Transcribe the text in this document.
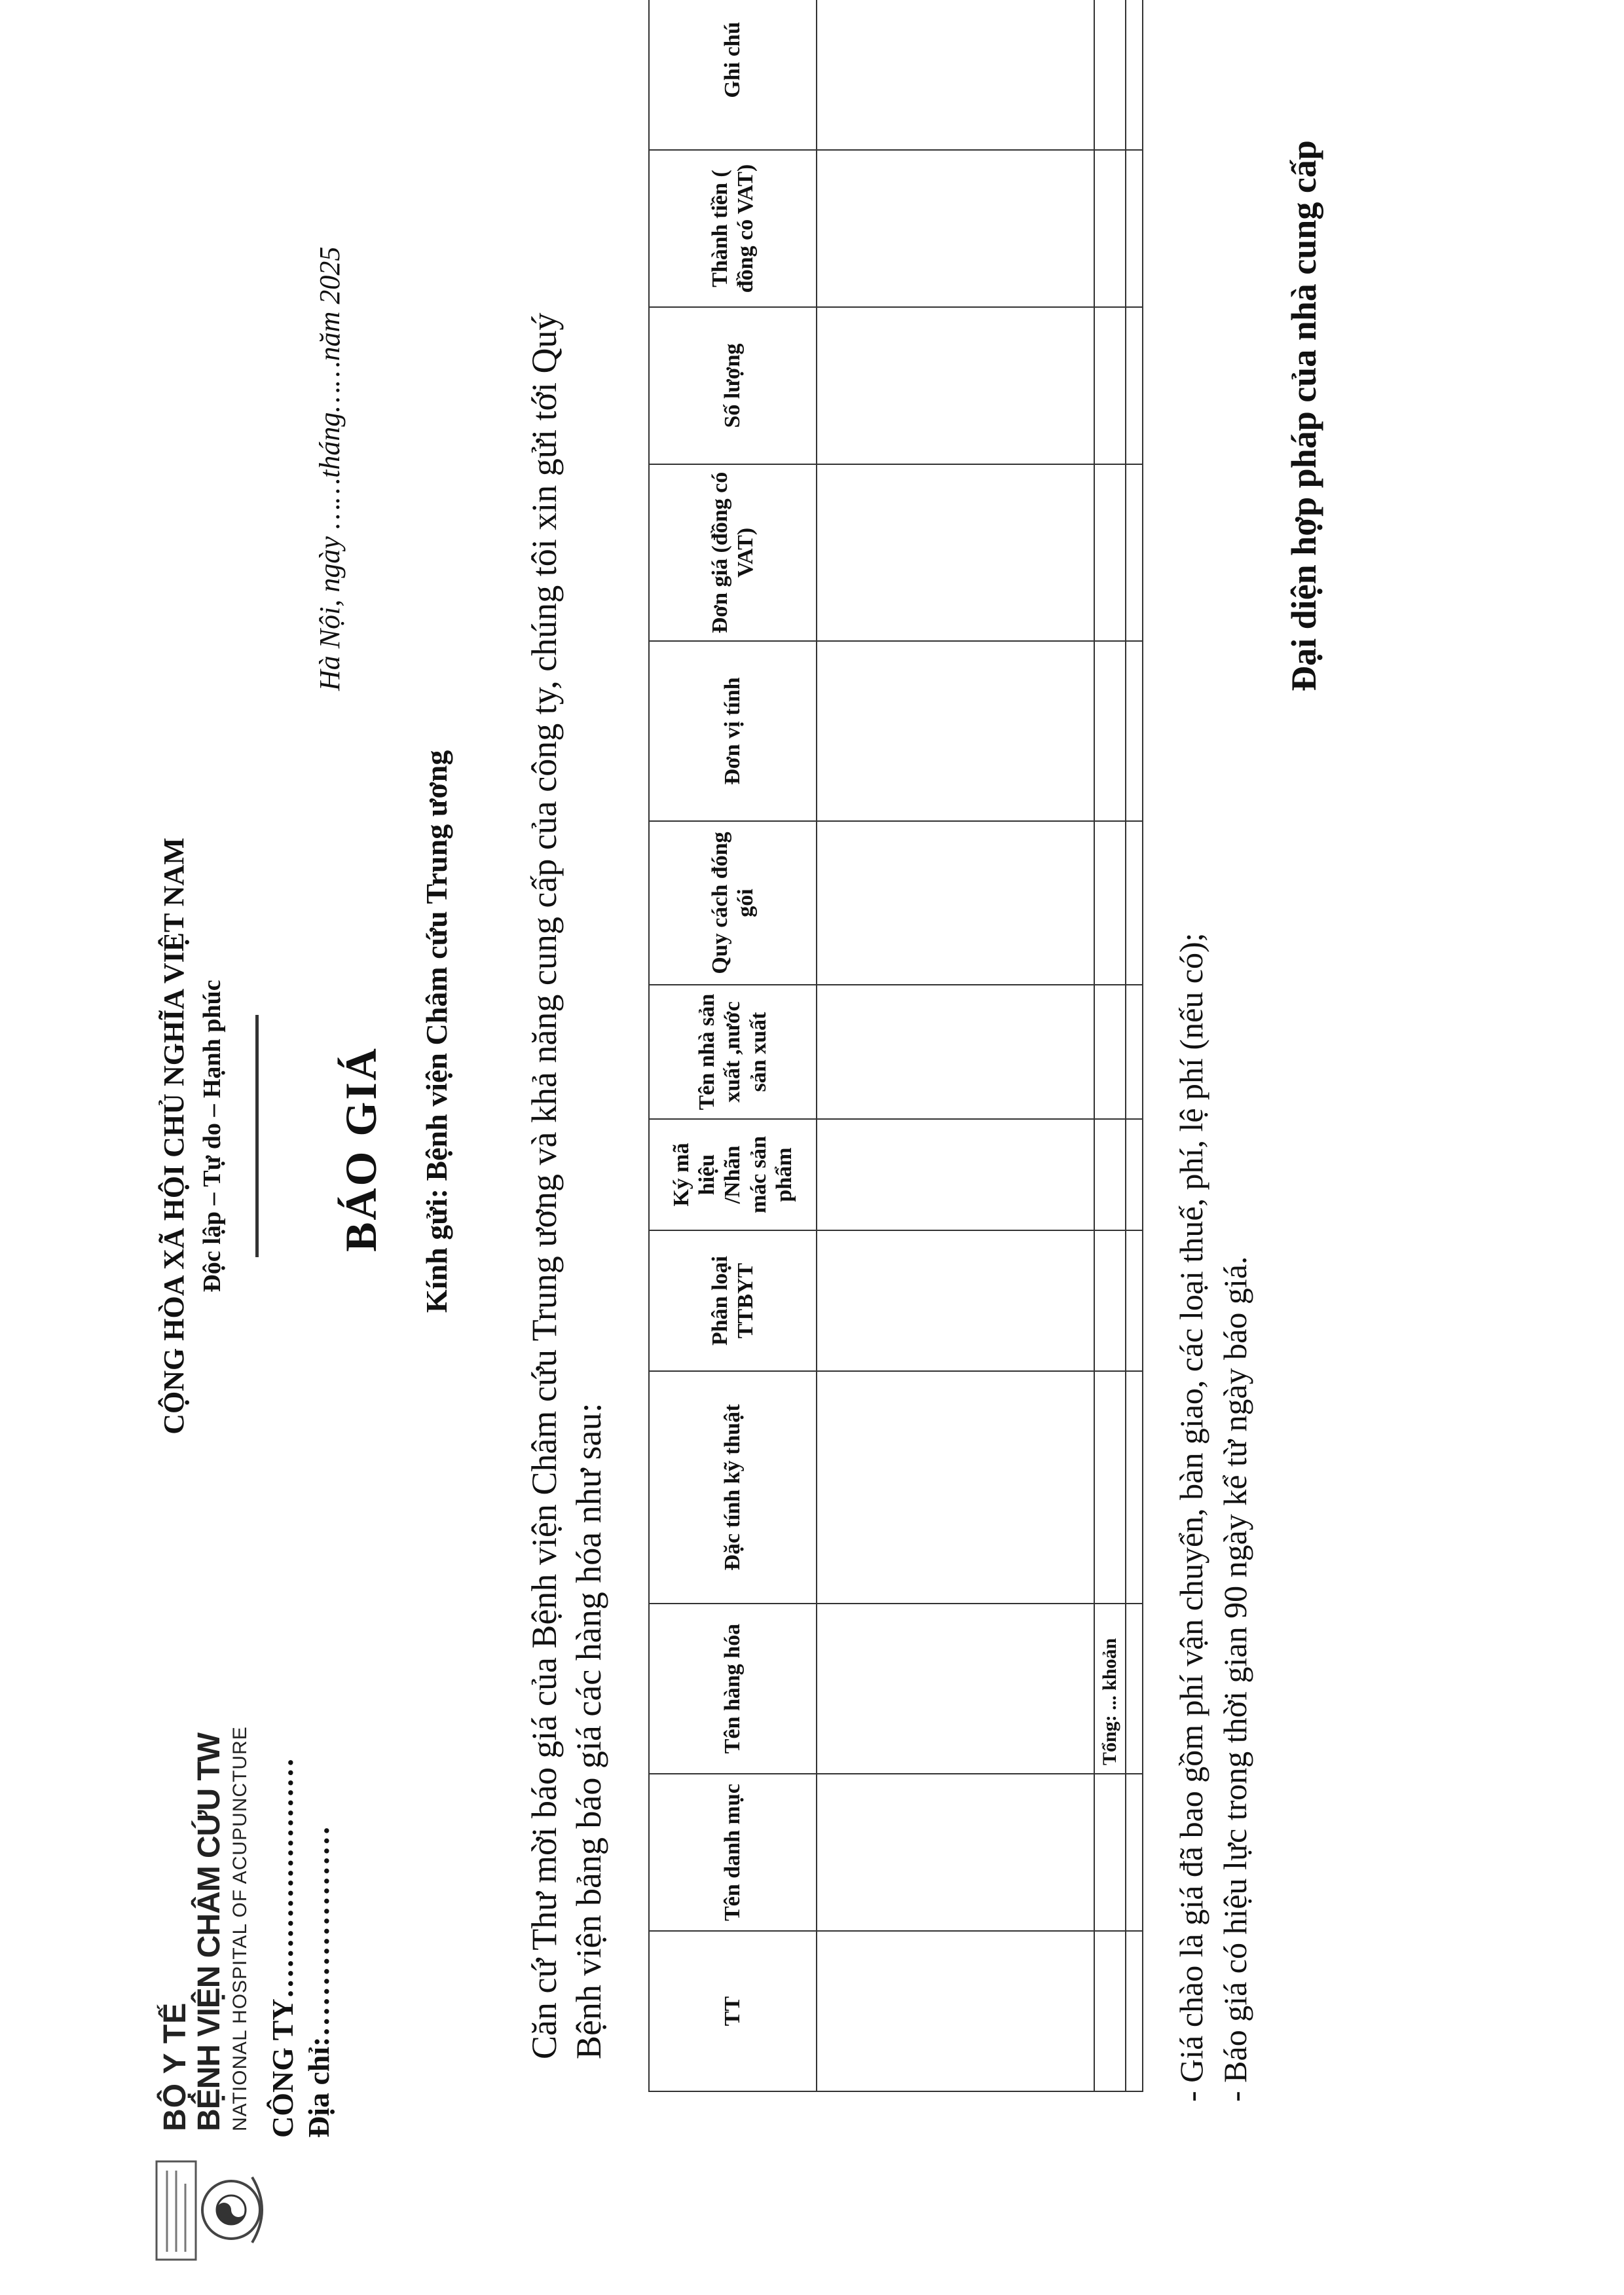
BỘ Y TẾ BỆNH VIỆN CHÂM CỨU TW NATIONAL HOSPITAL OF ACUPUNCTURE CÔNG TY…………………… Địa chỉ:…………………
CỘNG HÒA XÃ HỘI CHỦ NGHĨA VIỆT NAM Độc lập – Tự do – Hạnh phúc
Hà Nội, ngày ……tháng……năm 2025
BÁO GIÁ Kính gửi: Bệnh viện Châm cứu Trung ương Căn cứ Thư mời báo giá của Bệnh viện Châm cứu Trung ương và khả năng cung cấp của công ty, chúng tôi xin gửi tới Quý Bệnh viện bảng báo giá các hàng hóa như sau:	TT	Tên danh mục	Tên hàng hóa	Đặc tính kỹ thuật	Phân loại TTBYT	Ký mã hiệu /Nhãn mác sản phẩm	Tên nhà sản xuất ,nước sản xuất	Quy cách đóng gói	Đơn vị tính	Đơn giá (đồng có VAT)	Số lượng	Thành tiền ( đồng có VAT)	Ghi chú

		Tổng: ... khoản										
												- Giá chào là giá đã bao gồm phí vận chuyển, bàn giao, các loại thuế, phí, lệ phí (nếu có); - Báo giá có hiệu lực trong thời gian 90 ngày kể từ ngày báo giá.
Đại diện hợp pháp của nhà cung cấp
